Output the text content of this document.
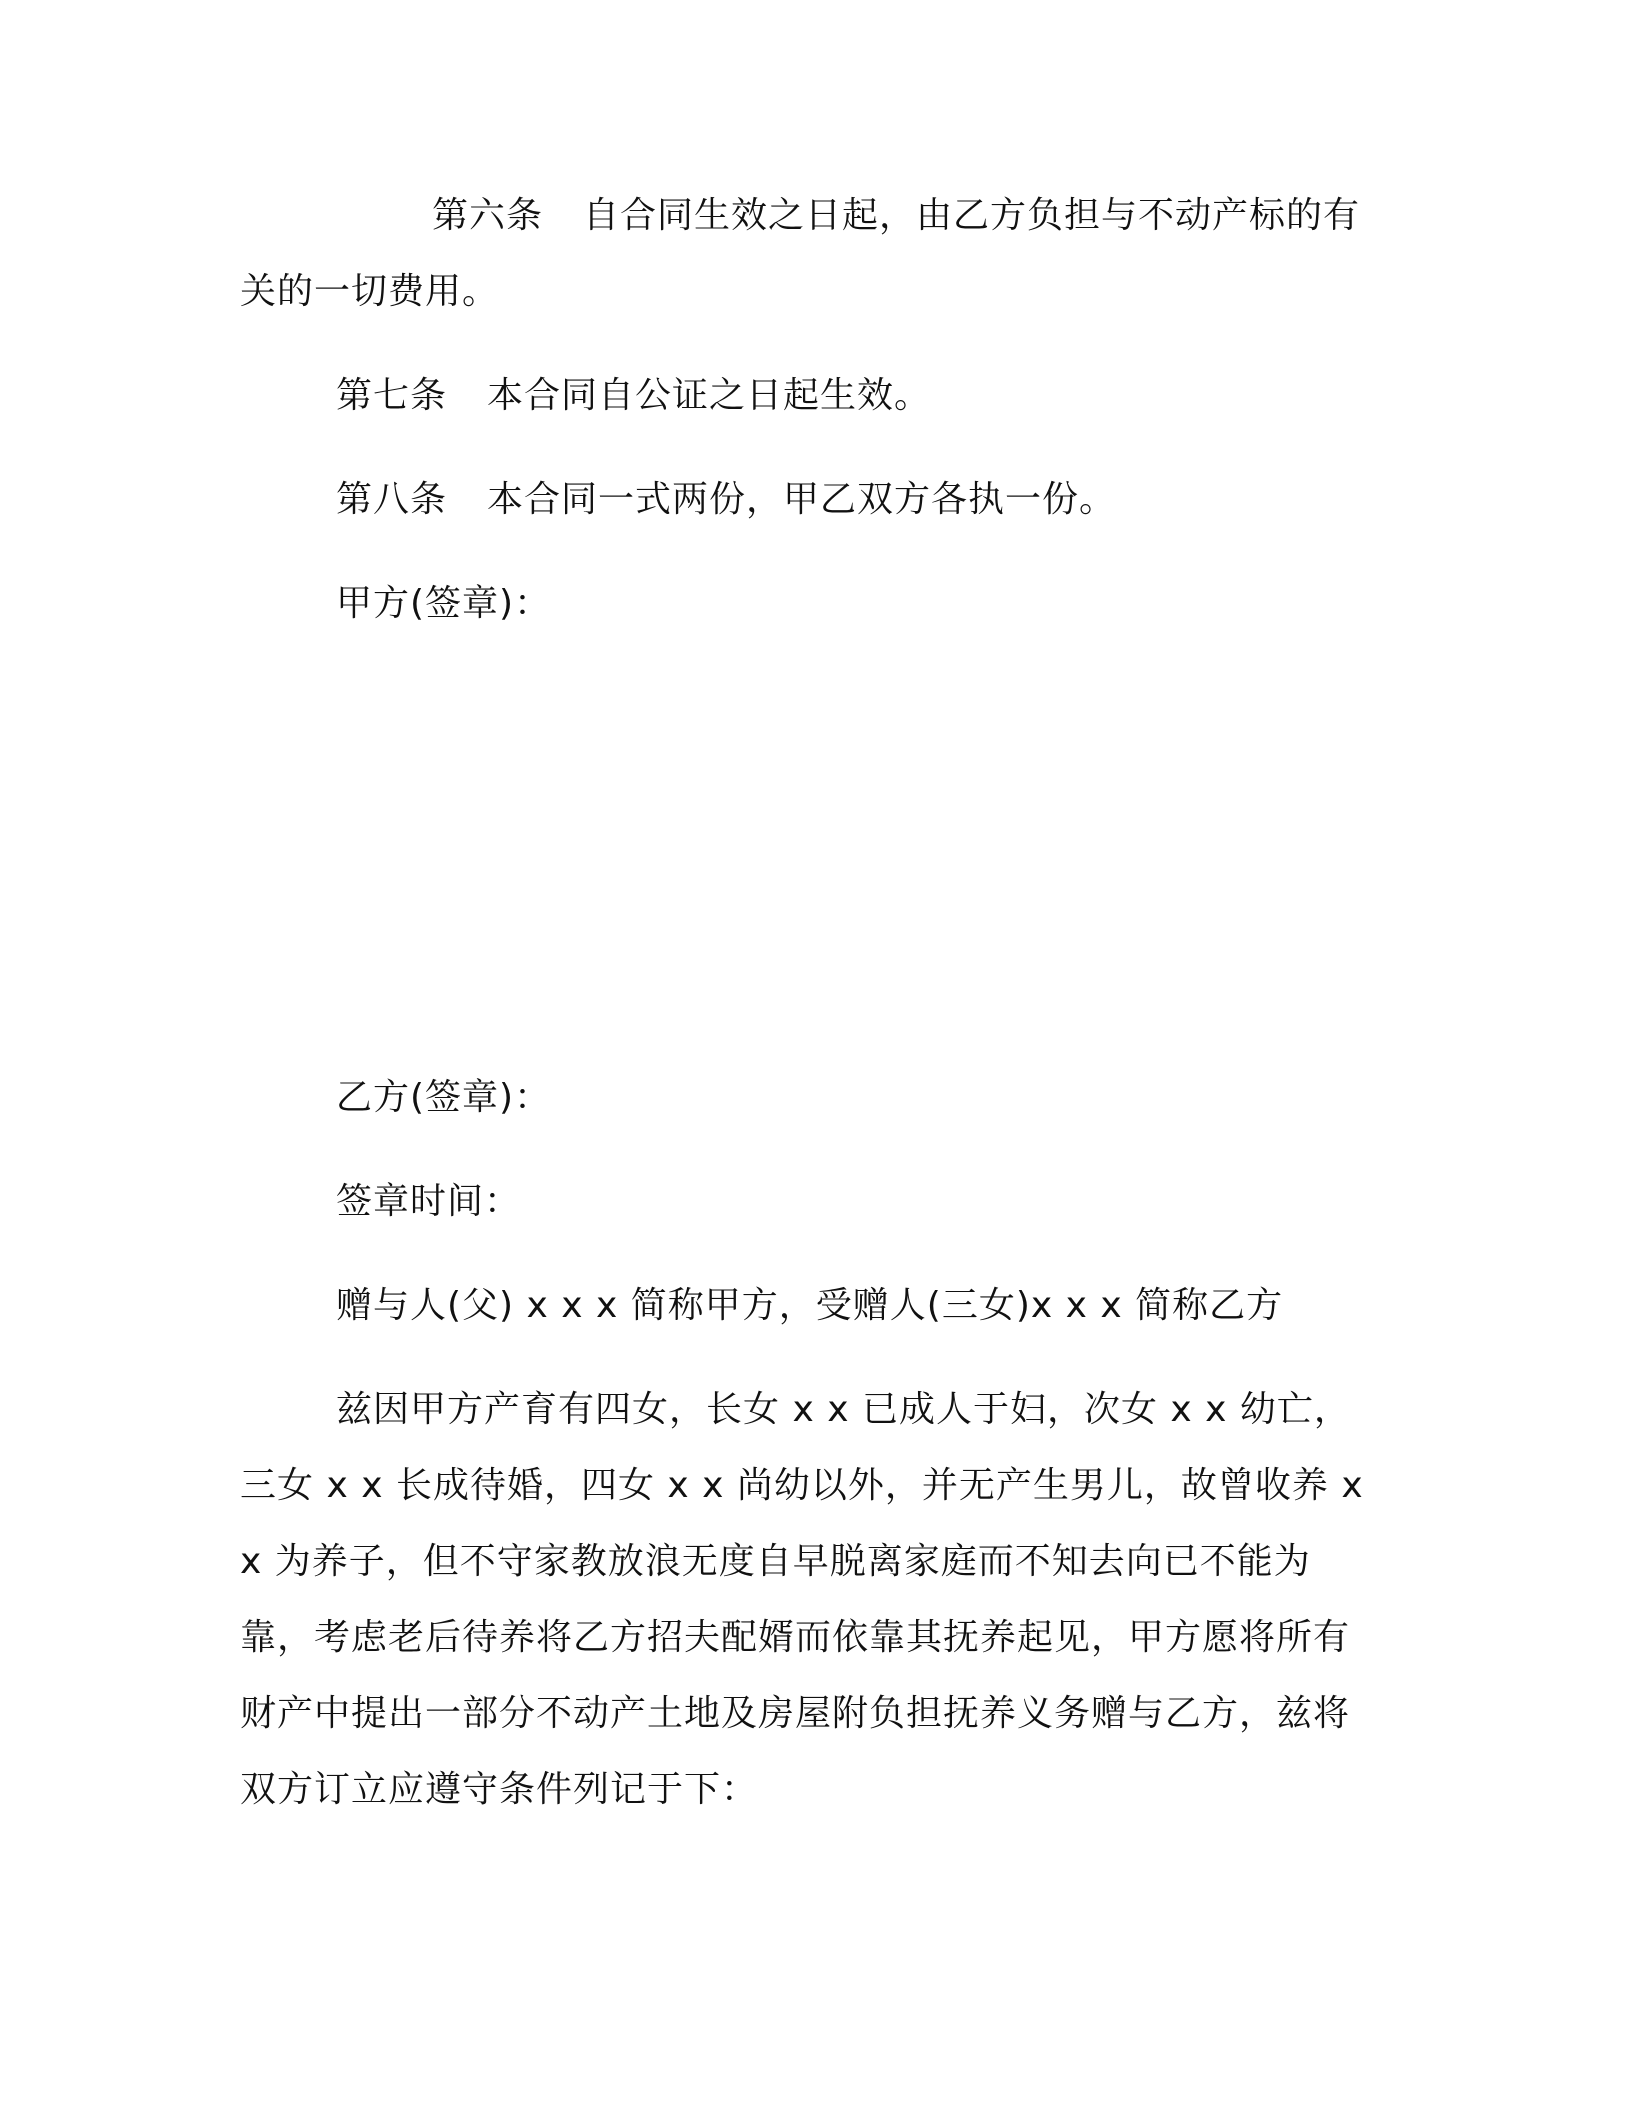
第六条 自合同生效之日起，由乙方负担与不动产标的有关的一切费用。
第七条 本合同自公证之日起生效。
第八条 本合同一式两份，甲乙双方各执一份。
甲方(签章)：
乙方(签章)：
签章时间：
赠与人(父) x x x 简称甲方，受赠人(三女)x x x 简称乙方
兹因甲方产育有四女，长女 x x 已成人于妇，次女 x x 幼亡，三女 x x 长成待婚，四女 x x 尚幼以外，并无产生男儿，故曾收养 x x 为养子，但不守家教放浪无度自早脱离家庭而不知去向已不能为靠，考虑老后待养将乙方招夫配婿而依靠其抚养起见，甲方愿将所有财产中提出一部分不动产土地及房屋附负担抚养义务赠与乙方，兹将双方订立应遵守条件列记于下：
